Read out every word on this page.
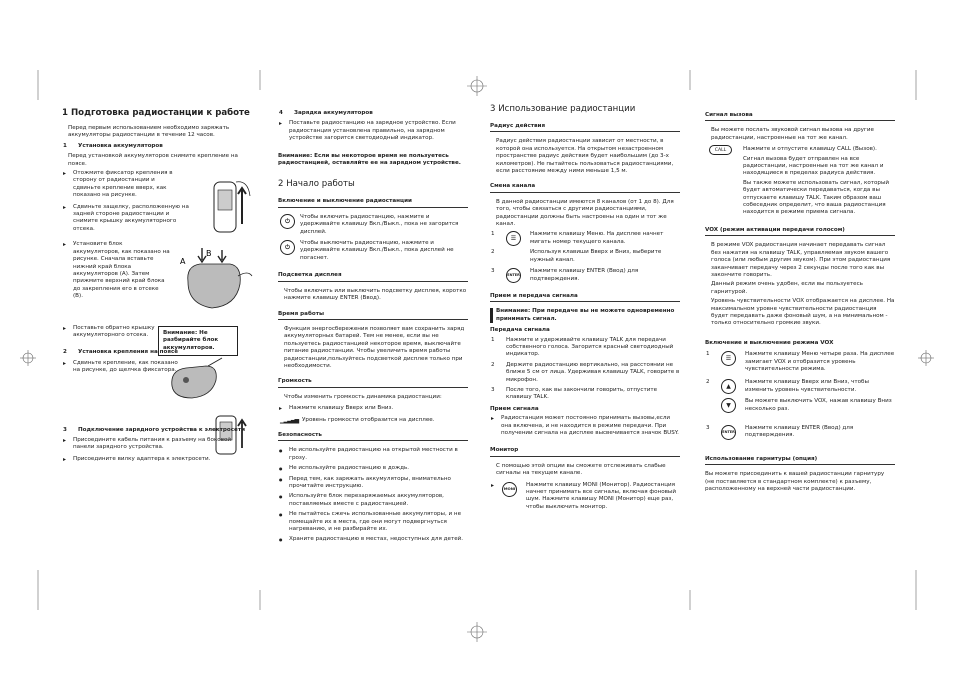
1 Подготовка радиостанции к работе
Перед первым использованием необходимо заряжать аккумуляторы радиостанции в течение 12 часов.
1 Установка аккумуляторов
Перед установкой аккумуляторов снимите крепление на поясе.
▸ Отожмите фиксатор крепления в сторону от радиостанции и сдвиньте крепление вверх, как показано на рисунке.
▸ Сдвиньте защелку, расположенную на задней стороне радиостанции и снимите крышку аккумуляторного отсека.
A
B
▸ Установите блок аккумуляторов, как показано на рисунке. Сначала вставьте нижний край блока аккумуляторов (A). Затем прижмите верхний край блока до закрепления его в отсеке (B).
Внимание: Не разбирайте блок аккумуляторов.
▸ Поставьте обратно крышку аккумуляторного отсека.
2 Установка крепления на поясе
▸ Сдвиньте крепление, как показано на рисунке, до щелчка фиксатора.
3 Подключение зарядного устройства к электросети
▸ Присоедините кабель питания к разъему на боковой панели зарядного устройства.
▸ Присоедините вилку адаптера к электросети.
4 Зарядка аккумуляторов
▸ Поставьте радиостанцию на зарядное устройство. Если радиостанция установлена правильно, на зарядном устройстве загорится светодиодный индикатор.
Внимание: Если вы некоторое время не пользуетесь радиостанцией, оставляйте ее на зарядном устройстве.
2 Начало работы
Включение и выключение радиостанции
⏻
Чтобы включить радиостанцию, нажмите и удерживайте клавишу Вкл./Выкл., пока не загорится дисплей.
⏻
Чтобы выключить радиостанцию, нажмите и удерживайте клавишу Вкл./Выкл., пока дисплей не погаснет.
Подсветка дисплея
Чтобы включить или выключить подсветку дисплея, коротко нажмите клавишу ENTER (Ввод).
Время работы
Функция энергосбережения позволяет вам сохранить заряд аккумуляторных батарей. Тем не менее, если вы не пользуетесь радиостанцией некоторое время, выключайте питание радиостанции. Чтобы увеличить время работы радиостанции,пользуйтесь подсветкой дисплея только при необходимости.
Громкость
Чтобы изменить громкость динамика радиостанции:
▸ Нажмите клавишу Вверх или Вниз.
▁▂▃▄▅ Уровень громкости отобразится на дисплее.
Безопасность
● Не используйте радиостанцию на открытой местности в грозу.
● Не используйте радиостанцию в дождь.
● Перед тем, как заряжать аккумуляторы, внимательно прочитайте инструкцию.
● Используйте блок перезаряжаемых аккумуляторов, поставляемых вместе с радиостанцией.
● Не пытайтесь сжечь использованные аккумуляторы, и не помещайте их в места, где они могут подвергнуться нагреванию, и не разбирайте их.
● Храните радиостанцию в местах, недоступных для детей.
3 Использование радиостанции
Радиус действия
Радиус действия радиостанции зависит от местности, в которой она используется. На открытом незастроенном пространстве радиус действия будет наибольшим (до 3-х километров). Не пытайтесь пользоваться радиостанциями, если расстояние между ними меньше 1,5 м.
Смена канала
В данной радиостанции имеются 8 каналов (от 1 до 8). Для того, чтобы связаться с другими радиостанциями, радиостанции должны быть настроены на один и тот же канал.
1
☰
Нажмите клавишу Меню. На дисплее начнет мигать номер текущего канала.
2	Используя клавиши Вверх и Вниз, выберите нужный канал.
3
ENTER
Нажмите клавишу ENTER (Ввод) для подтверждения.
Прием и передача сигнала
Внимание: При передаче вы не можете одновременно принимать сигнал.
Передача сигнала
1 Нажмите и удерживайте клавишу TALK для передачи собственного голоса. Загорится красный светодиодный индикатор.
2 Держите радиостанцию вертикально, на расстоянии не ближе 5 см от лица. Удерживая клавишу TALK, говорите в микрофон.
3 После того, как вы закончили говорить, отпустите клавишу TALK.
Прием сигнала
▸ Радиостанция может постоянно принимать вызовы,если она включена, и не находится в режиме передачи. При получении сигнала на дисплее высвечивается значок BUSY.
Монитор
С помощью этой опции вы сможете отслеживать слабые сигналы на текущем канале.
▸ MONI
Нажмите клавишу MONI (Монитор). Радиостанция начнет принимать все сигналы, включая фоновый шум. Нажмите клавишу MONI (Монитор) еще раз, чтобы выключить монитор.
Сигнал вызова
Вы можете послать звуковой сигнал вызова на другие радиостанции, настроенные на тот же канал.
CALL	Нажмите и отпустите клавишу CALL (Вызов).
Сигнал вызова будет отправлен на все радиостанции, настроенные на тот же канал и находящиеся в пределах радиуса действия.
Вы также можете использовать сигнал, который будет автоматически передаваться, когда вы отпускаете клавишу TALK. Таким образом ваш собеседник определит, что ваша радиостанция находится в режиме приема сигнала.
VOX (режим активации передачи голосом)
В режиме VOX радиостанция начинает передавать сигнал без нажатия на клавишу TALK, управляемая звуком вашего голоса (или любым другим звуком). При этом радиостанция заканчивает передачу через 2 секунды после того как вы закончите говорить.
Данный режим очень удобен, если вы пользуетесь гарнитурой.
Уровень чувствительности VOX отображается на дисплее. На максимальном уровне чувствительности радиостанция будет передавать даже фоновый шум, а на минимальном - только относительно громкие звуки.
Включение и выключение режима VOX
1
☰
Нажмите клавишу Меню четыре раза. На дисплее замигает VOX и отобразится уровень чувствительности режима.
2
▲
Нажмите клавишу Вверх или Вниз, чтобы изменить уровень чувствительности.
▼
Вы можете выключить VOX, нажав клавишу Вниз несколько раз.
3
ENTER
Нажмите клавишу ENTER (Ввод) для подтверждения.
Использование гарнитуры (опция)
Вы можете присоединить к вашей радиостанции гарнитуру (не поставляется в стандартном комплекте) к разъему, расположенному на верхней части радиостанции.
